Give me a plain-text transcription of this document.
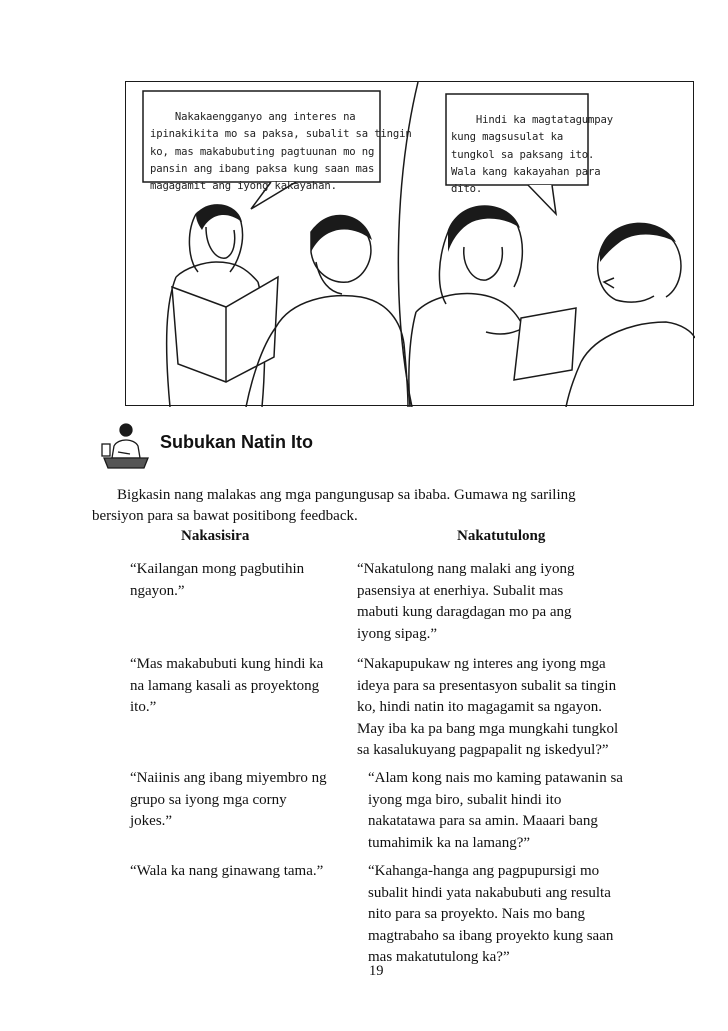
Nakakaengganyo ang interes na
ipinakikita mo sa paksa, subalit sa tingin
ko, mas makabubuting pagtuunan mo ng
pansin ang ibang paksa kung saan mas
magagamit ang iyong kakayahan.

Hindi ka magtatagumpay
kung magsusulat ka
tungkol sa paksang ito.
Wala kang kakayahan para
dito.

Subukan Natin Ito
Bigkasin nang malakas ang mga pangungusap sa ibaba. Gumawa ng sariling
bersiyon para sa bawat positibong feedback.
Nakasisira	Nakatutulong
“Kailangan mong pagbutihin
ngayon.”
“Nakatulong nang malaki ang iyong
pasensiya at enerhiya. Subalit mas
mabuti kung daragdagan mo pa ang
iyong sipag.”
“Mas makabubuti kung hindi ka
na lamang kasali as proyektong
ito.”
“Nakapupukaw ng interes ang iyong mga
ideya para sa presentasyon subalit sa tingin
ko, hindi natin ito magagamit sa ngayon.
May iba ka pa bang mga mungkahi tungkol
sa kasalukuyang pagpapalit ng iskedyul?”
“Naiinis ang ibang miyembro ng
grupo sa iyong mga corny
jokes.”
“Alam kong nais mo kaming patawanin sa
iyong mga biro, subalit hindi ito
nakatatawa para sa amin. Maaari bang
tumahimik ka na lamang?”
“Wala ka nang ginawang tama.”	“Kahanga-hanga ang pagpupursigi mo
subalit hindi yata nakabubuti ang resulta
nito para sa proyekto. Nais mo bang
magtrabaho sa ibang proyekto kung saan
mas makatutulong ka?”
19
